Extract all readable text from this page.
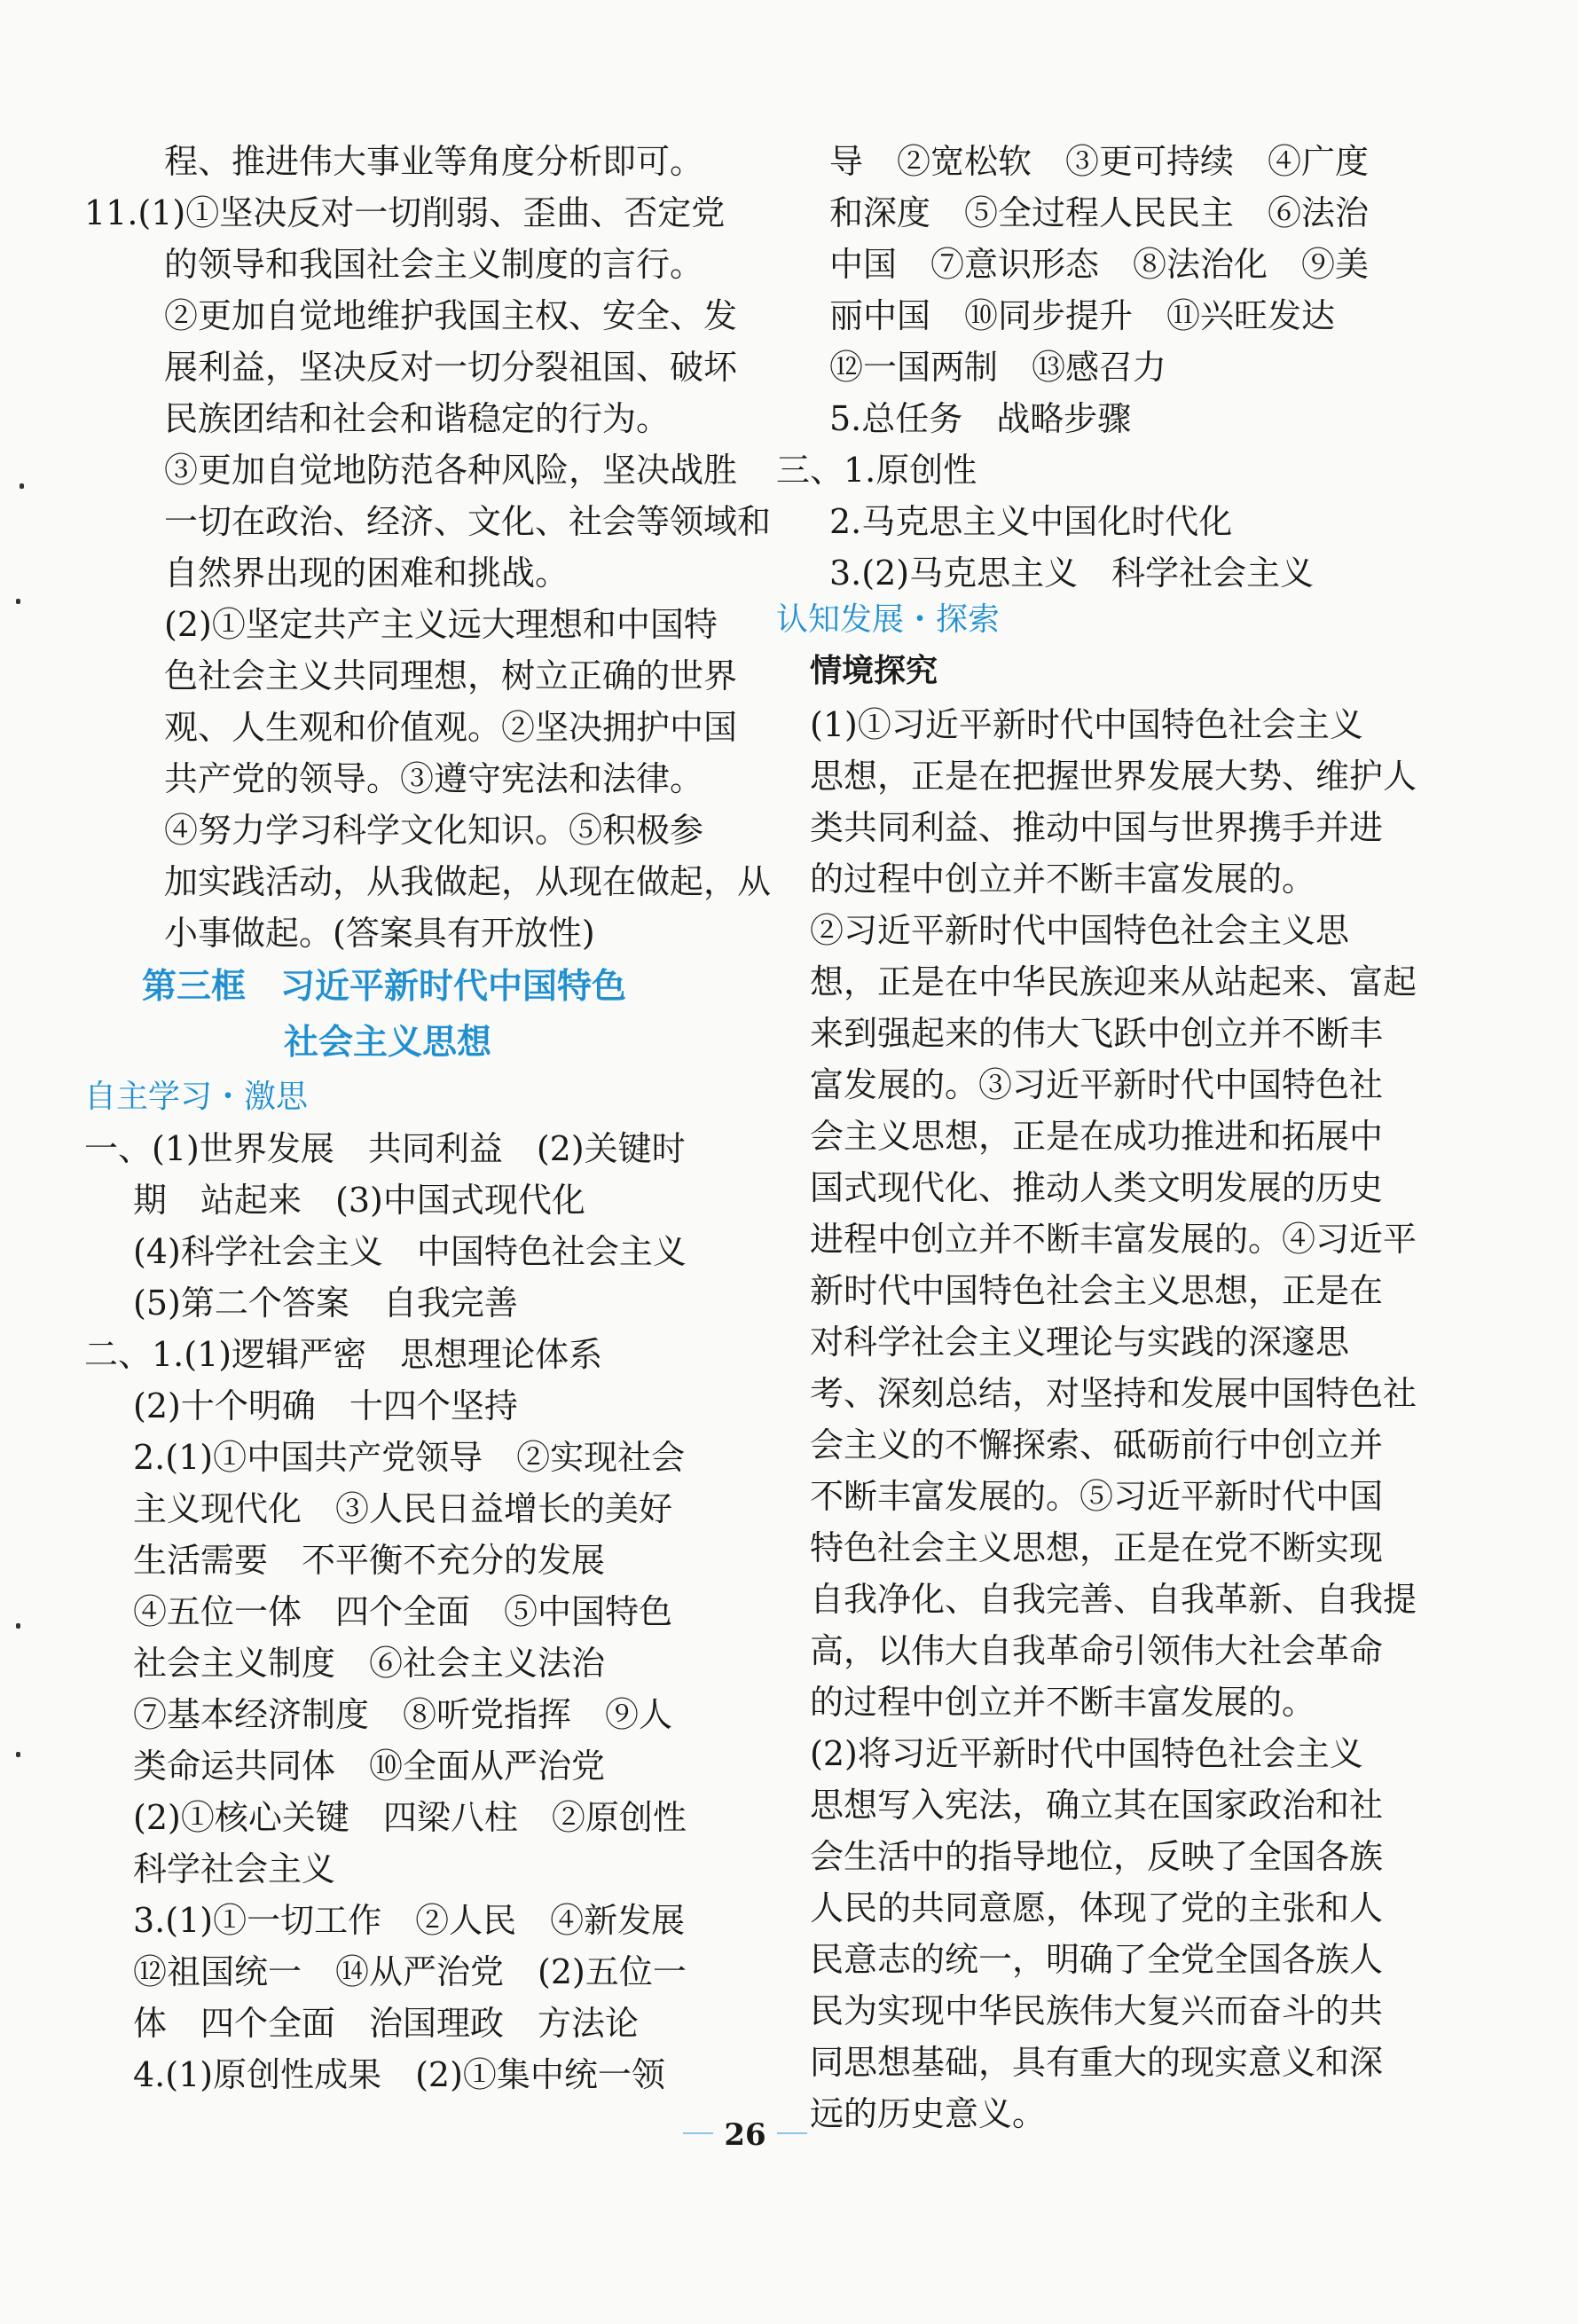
程、推进伟大事业等角度分析即可。
11.(1)①坚决反对一切削弱、歪曲、否定党
的领导和我国社会主义制度的言行。
②更加自觉地维护我国主权、安全、发
展利益，坚决反对一切分裂祖国、破坏
民族团结和社会和谐稳定的行为。
③更加自觉地防范各种风险，坚决战胜
一切在政治、经济、文化、社会等领域和
自然界出现的困难和挑战。
(2)①坚定共产主义远大理想和中国特
色社会主义共同理想，树立正确的世界
观、人生观和价值观。②坚决拥护中国
共产党的领导。③遵守宪法和法律。
④努力学习科学文化知识。⑤积极参
加实践活动，从我做起，从现在做起，从
小事做起。(答案具有开放性)
第三框　习近平新时代中国特色
社会主义思想
自主学习・激思
一、(1)世界发展　共同利益　(2)关键时
期　站起来　(3)中国式现代化
(4)科学社会主义　中国特色社会主义
(5)第二个答案　自我完善
二、1.(1)逻辑严密　思想理论体系
(2)十个明确　十四个坚持
2.(1)①中国共产党领导　②实现社会
主义现代化　③人民日益增长的美好
生活需要　不平衡不充分的发展
④五位一体　四个全面　⑤中国特色
社会主义制度　⑥社会主义法治
⑦基本经济制度　⑧听党指挥　⑨人
类命运共同体　⑩全面从严治党
(2)①核心关键　四梁八柱　②原创性
科学社会主义
3.(1)①一切工作　②人民　④新发展
⑫祖国统一　⑭从严治党　(2)五位一
体　四个全面　治国理政　方法论
4.(1)原创性成果　(2)①集中统一领
导　②宽松软　③更可持续　④广度
和深度　⑤全过程人民民主　⑥法治
中国　⑦意识形态　⑧法治化　⑨美
丽中国　⑩同步提升　⑪兴旺发达
⑫一国两制　⑬感召力
5.总任务　战略步骤
三、1.原创性
2.马克思主义中国化时代化
3.(2)马克思主义　科学社会主义
认知发展・探索
情境探究
(1)①习近平新时代中国特色社会主义
思想，正是在把握世界发展大势、维护人
类共同利益、推动中国与世界携手并进
的过程中创立并不断丰富发展的。
②习近平新时代中国特色社会主义思
想，正是在中华民族迎来从站起来、富起
来到强起来的伟大飞跃中创立并不断丰
富发展的。③习近平新时代中国特色社
会主义思想，正是在成功推进和拓展中
国式现代化、推动人类文明发展的历史
进程中创立并不断丰富发展的。④习近平
新时代中国特色社会主义思想，正是在
对科学社会主义理论与实践的深邃思
考、深刻总结，对坚持和发展中国特色社
会主义的不懈探索、砥砺前行中创立并
不断丰富发展的。⑤习近平新时代中国
特色社会主义思想，正是在党不断实现
自我净化、自我完善、自我革新、自我提
高，以伟大自我革命引领伟大社会革命
的过程中创立并不断丰富发展的。
(2)将习近平新时代中国特色社会主义
思想写入宪法，确立其在国家政治和社
会生活中的指导地位，反映了全国各族
人民的共同意愿，体现了党的主张和人
民意志的统一，明确了全党全国各族人
民为实现中华民族伟大复兴而奋斗的共
同思想基础，具有重大的现实意义和深
远的历史意义。
26
